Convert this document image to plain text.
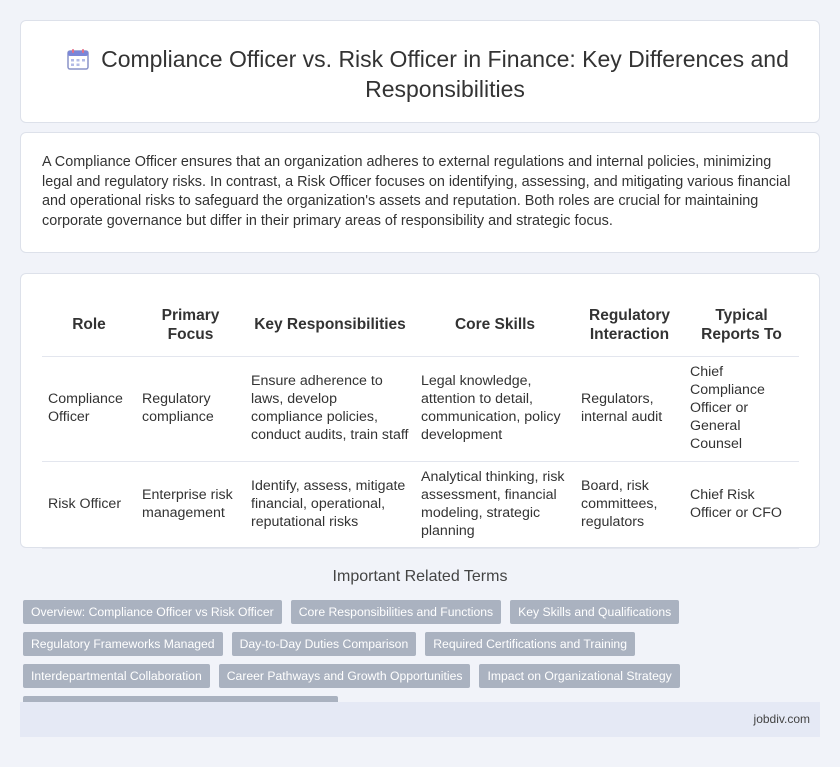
Compliance Officer vs. Risk Officer in Finance: Key Differences and Responsibilities

A Compliance Officer ensures that an organization adheres to external regulations and internal policies, minimizing legal and regulatory risks. In contrast, a Risk Officer focuses on identifying, assessing, and mitigating various financial and operational risks to safeguard the organization's assets and reputation. Both roles are crucial for maintaining corporate governance but differ in their primary areas of responsibility and strategic focus.

Role	Primary Focus	Key Responsibilities	Core Skills	Regulatory Interaction	Typical Reports To
Compliance Officer	Regulatory compliance	Ensure adherence to laws, develop compliance policies, conduct audits, train staff	Legal knowledge, attention to detail, communication, policy development	Regulators, internal audit	Chief Compliance Officer or General Counsel
Risk Officer	Enterprise risk management	Identify, assess, mitigate financial, operational, reputational risks	Analytical thinking, risk assessment, financial modeling, strategic planning	Board, risk committees, regulators	Chief Risk Officer or CFO
Important Related Terms
Overview: Compliance Officer vs Risk Officer	Core Responsibilities and Functions	Key Skills and Qualifications
Regulatory Frameworks Managed	Day-to-Day Duties Comparison	Required Certifications and Training
Interdepartmental Collaboration	Career Pathways and Growth Opportunities	Impact on Organizational Strategy
jobdiv.com
